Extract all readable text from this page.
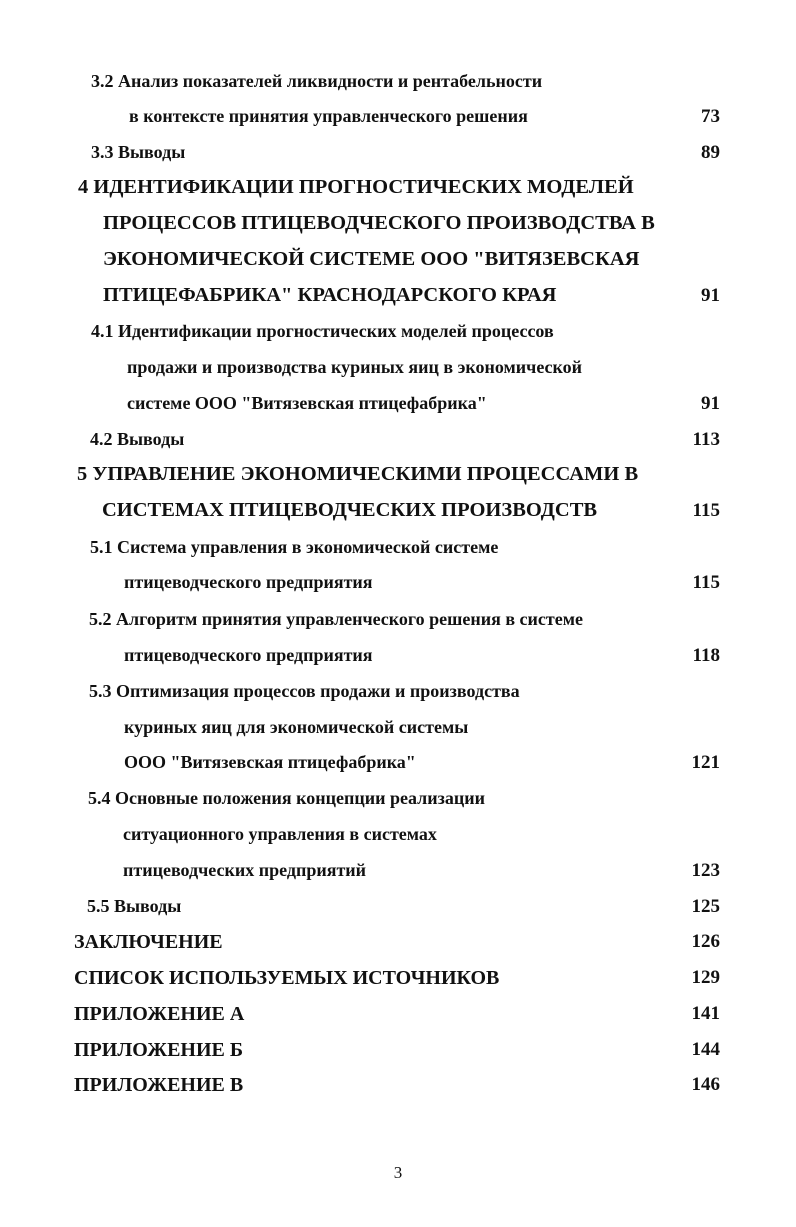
3.2 Анализ показателей ликвидности и рентабельности
в контексте принятия управленческого решения	73
3.3 Выводы	89
4 ИДЕНТИФИКАЦИИ ПРОГНОСТИЧЕСКИХ МОДЕЛЕЙ
ПРОЦЕССОВ ПТИЦЕВОДЧЕСКОГО ПРОИЗВОДСТВА В
ЭКОНОМИЧЕСКОЙ СИСТЕМЕ ООО "ВИТЯЗЕВСКАЯ
ПТИЦЕФАБРИКА" КРАСНОДАРСКОГО КРАЯ	91
4.1 Идентификации прогностических моделей процессов
продажи и производства куриных яиц в экономической
системе ООО "Витязевская птицефабрика"	91
4.2 Выводы	113
5 УПРАВЛЕНИЕ ЭКОНОМИЧЕСКИМИ ПРОЦЕССАМИ В
СИСТЕМАХ ПТИЦЕВОДЧЕСКИХ ПРОИЗВОДСТВ	115
5.1 Система управления в экономической системе
птицеводческого предприятия	115
5.2 Алгоритм принятия управленческого решения в системе
птицеводческого предприятия	118
5.3 Оптимизация процессов продажи и производства
куриных яиц для экономической системы
ООО "Витязевская птицефабрика"	121
5.4 Основные положения концепции реализации
ситуационного управления в системах
птицеводческих предприятий	123
5.5 Выводы	125
ЗАКЛЮЧЕНИЕ	126
СПИСОК ИСПОЛЬЗУЕМЫХ ИСТОЧНИКОВ	129
ПРИЛОЖЕНИЕ А	141
ПРИЛОЖЕНИЕ Б	144
ПРИЛОЖЕНИЕ В	146
3
